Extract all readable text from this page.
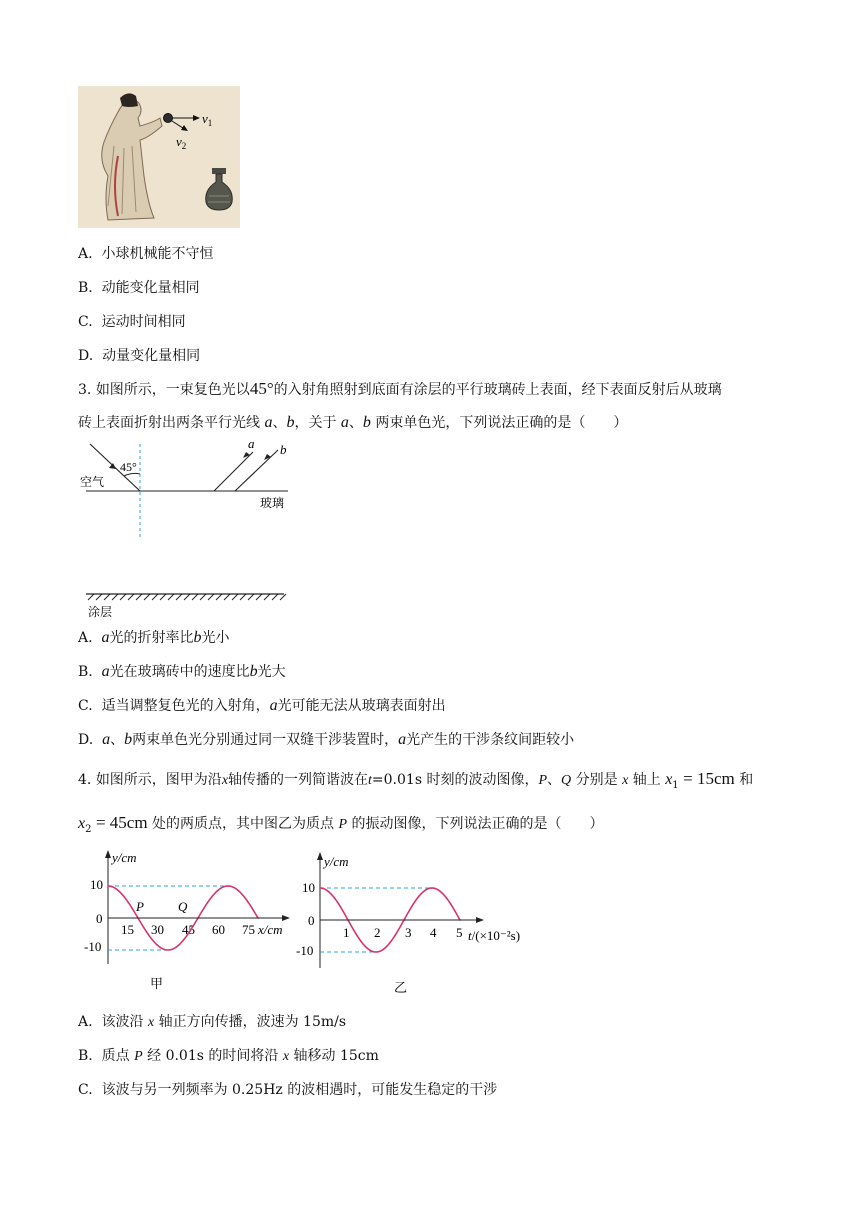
$v_1$
$v_2$
A. 小球机械能不守恒
B. 动能变化量相同
C. 运动时间相同
D. 动量变化量相同
3. 如图所示，一束复色光以45°的入射角照射到底面有涂层的平行玻璃砖上表面，经下表面反射后从玻璃
砖上表面折射出两条平行光线 a、b，关于 a、b 两束单色光，下列说法正确的是（　　）
45°
空气
玻璃
a b
涂层
A. a光的折射率比b光小
B. a光在玻璃砖中的速度比b光大
C. 适当调整复色光的入射角，a光可能无法从玻璃表面射出
D. a、b两束单色光分别通过同一双缝干涉装置时，a光产生的干涉条纹间距较小
4. 如图所示，图甲为沿x轴传播的一列简谐波在t=0.01s 时刻的波动图像，P、Q 分别是 x 轴上 $x_1 = 15cm$ 和
$x_2 = 45cm$ 处的两质点，其中图乙为质点 P 的振动图像，下列说法正确的是（　　）
y/cm
x/cm
10
0
-10
15 30 45 60 75
P	Q
甲
y/cm
t/(×10⁻²s)
10
0
-10
1 2 3 4 5
乙
A. 该波沿 x 轴正方向传播，波速为 15m/s
B. 质点 P 经 0.01s 的时间将沿 x 轴移动 15cm
C. 该波与另一列频率为 0.25Hz 的波相遇时，可能发生稳定的干涉
